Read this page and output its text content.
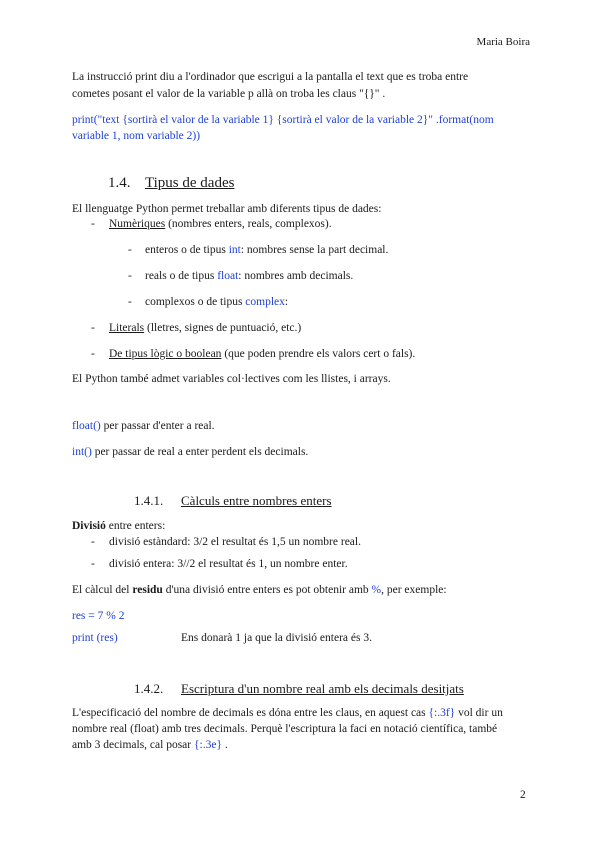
Maria Boira
La instrucció print diu a l'ordinador que escrigui a la pantalla el text que es troba entre
cometes posant el valor de la variable p allà on troba les claus "{}" .
print("text {sortirà el valor de la variable 1} {sortirà el valor de la variable 2}" .format(nom
variable 1, nom variable 2))
1.4. Tipus de dades
El llenguatge Python permet treballar amb diferents tipus de dades:
- Numèriques (nombres enters, reals, complexos).
- enteros o de tipus int: nombres sense la part decimal.
- reals o de tipus float: nombres amb decimals.
- complexos o de tipus complex:
- Literals (lletres, signes de puntuació, etc.)
- De tipus lògic o boolean (que poden prendre els valors cert o fals).
El Python també admet variables col·lectives com les llistes, i arrays.
float() per passar d'enter a real.
int() per passar de real a enter perdent els decimals.
1.4.1. Càlculs entre nombres enters
Divisió entre enters:
- divisió estàndard: 3/2 el resultat és 1,5 un nombre real.
- divisió entera: 3//2 el resultat és 1, un nombre enter.
El càlcul del residu d'una divisió entre enters es pot obtenir amb %, per exemple:
res = 7 % 2
print (res)	Ens donarà 1 ja que la divisió entera és 3.
1.4.2. Escriptura d'un nombre real amb els decimals desitjats
L'especificació del nombre de decimals es dóna entre les claus, en aquest cas {:.3f} vol dir un
nombre real (float) amb tres decimals. Perquè l'escriptura la faci en notació científica, també
amb 3 decimals, cal posar {:.3e} .
2
